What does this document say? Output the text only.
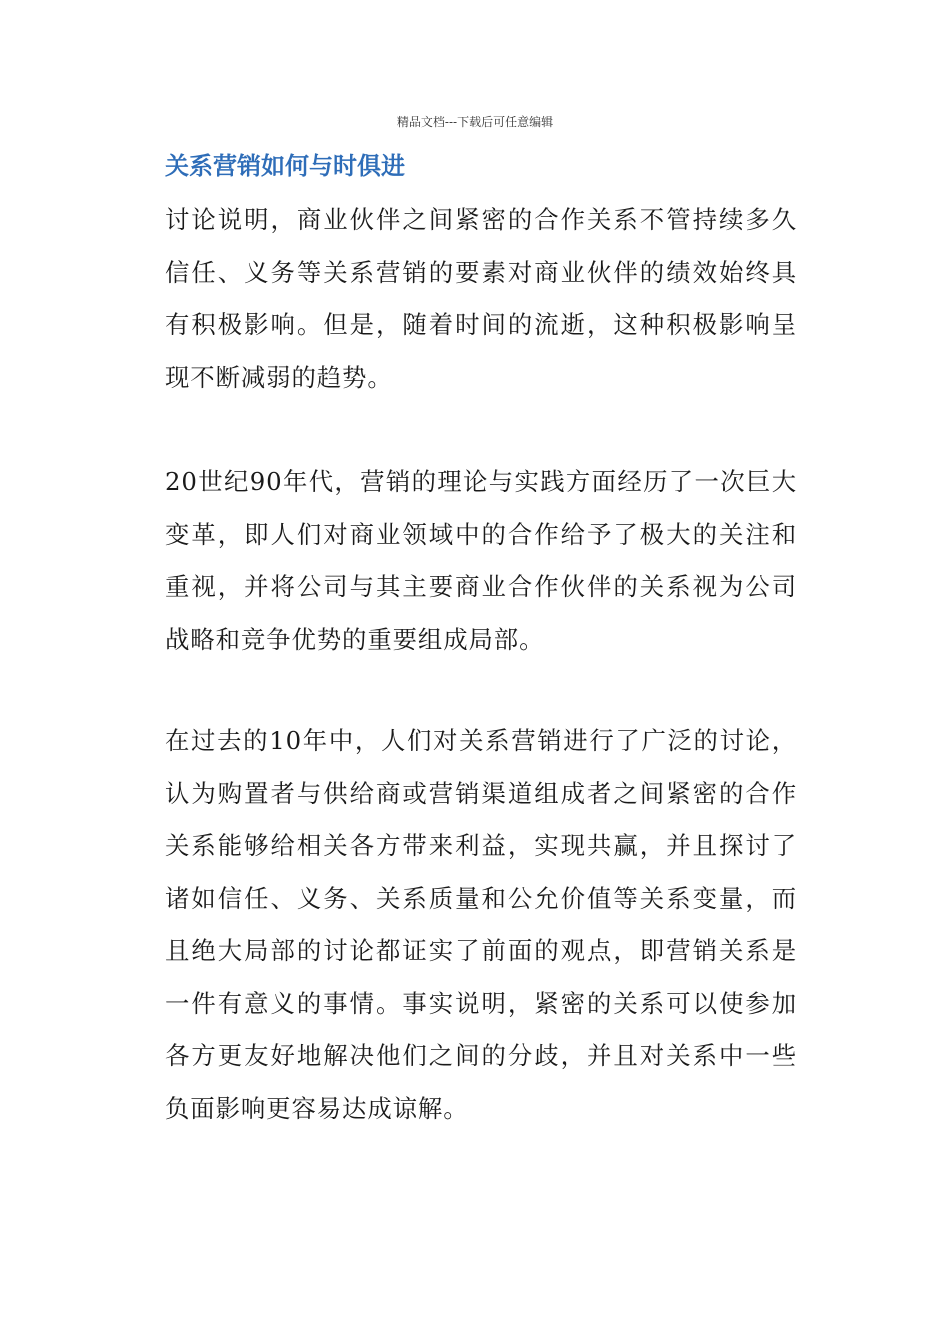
精品文档---下载后可任意编辑
关系营销如何与时俱进

讨论说明，商业伙伴之间紧密的合作关系不管持续多久信任、义务等关系营销的要素对商业伙伴的绩效始终具有积极影响。但是，随着时间的流逝，这种积极影响呈现不断减弱的趋势。

20世纪90年代，营销的理论与实践方面经历了一次巨大变革，即人们对商业领域中的合作给予了极大的关注和重视，并将公司与其主要商业合作伙伴的关系视为公司战略和竞争优势的重要组成局部。

在过去的10年中，人们对关系营销进行了广泛的讨论，认为购置者与供给商或营销渠道组成者之间紧密的合作关系能够给相关各方带来利益，实现共赢，并且探讨了诸如信任、义务、关系质量和公允价值等关系变量，而且绝大局部的讨论都证实了前面的观点，即营销关系是一件有意义的事情。事实说明，紧密的关系可以使参加各方更友好地解决他们之间的分歧，并且对关系中一些负面影响更容易达成谅解。
